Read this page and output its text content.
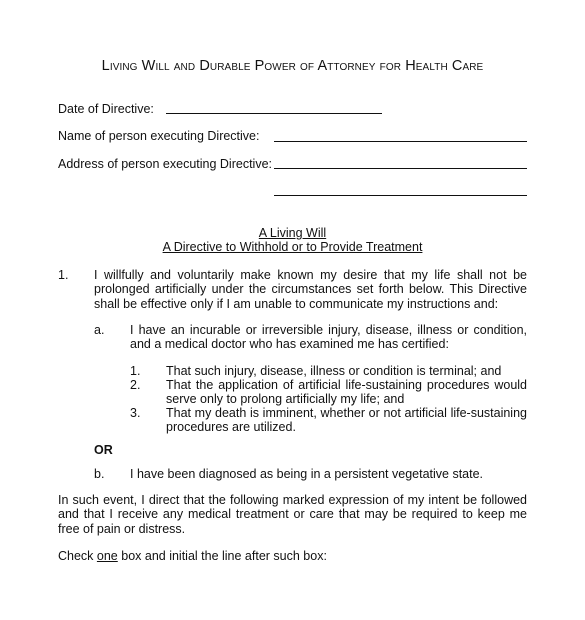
Living Will and Durable Power of Attorney for Health Care
Date of Directive:
Name of person executing Directive:
Address of person executing Directive:
A Living Will
A Directive to Withhold or to Provide Treatment
1. I willfully and voluntarily make known my desire that my life shall not be prolonged artificially under the circumstances set forth below. This Directive shall be effective only if I am unable to communicate my instructions and:
a. I have an incurable or irreversible injury, disease, illness or condition, and a medical doctor who has examined me has certified:
1. That such injury, disease, illness or condition is terminal; and
2. That the application of artificial life-sustaining procedures would serve only to prolong artificially my life; and
3. That my death is imminent, whether or not artificial life-sustaining procedures are utilized.
OR
b. I have been diagnosed as being in a persistent vegetative state.
In such event, I direct that the following marked expression of my intent be followed and that I receive any medical treatment or care that may be required to keep me free of pain or distress.
Check one box and initial the line after such box:
